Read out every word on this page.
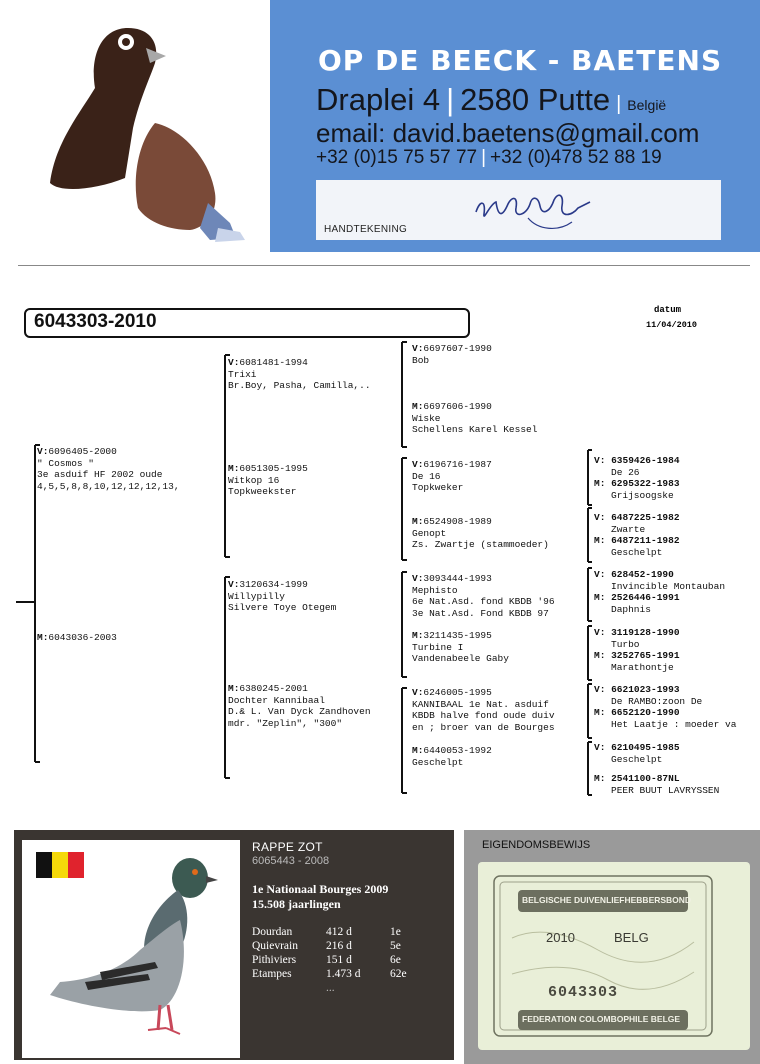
OP DE BEECK - BAETENS
Draplei 4 | 2580 Putte | België
email: david.baetens@gmail.com
+32 (0)15 75 57 77 | +32 (0)478 52 88 19
HANDTEKENING
6043303-2010
datum
11/04/2010
V:6096405-2000
" Cosmos "
3e asduif HF 2002 oude
4,5,5,8,8,10,12,12,12,13,
M:6043036-2003
V:6081481-1994
Trixi
Br.Boy, Pasha, Camilla,..
M:6051305-1995
Witkop 16
Topkweekster
V:3120634-1999
Willypilly
Silvere Toye Otegem
M:6380245-2001
Dochter Kannibaal
D.& L. Van Dyck Zandhoven
mdr. "Zeplin", "300"
V:6697607-1990
Bob
M:6697606-1990
Wiske
Schellens Karel Kessel
V:6196716-1987
De 16
Topkweker
M:6524908-1989
Genopt
Zs. Zwartje (stammoeder)
V:3093444-1993
Mephisto
6e Nat.Asd. fond KBDB '96
3e Nat.Asd. Fond KBDB 97
M:3211435-1995
Turbine I
Vandenabeele Gaby
V:6246005-1995
KANNIBAAL 1e Nat. asduif
KBDB halve fond oude duiv
en ; broer van de Bourges
M:6440053-1992
Geschelpt
V: 6359426-1984
De 26
M: 6295322-1983
Grijsoogske
V: 6487225-1982
Zwarte
M: 6487211-1982
Geschelpt
V: 628452-1990
Invincible Montauban
M: 2526446-1991
Daphnis
V: 3119128-1990
Turbo
M: 3252765-1991
Marathontje
V: 6621023-1993
De RAMBO:zoon De
M: 6652120-1990
Het Laatje : moeder va
V: 6210495-1985
Geschelpt
M: 2541100-87NL
PEER BUUT LAVRYSSEN
RAPPE ZOT
6065443 - 2008
1e Nationaal Bourges 2009
15.508 jaarlingen
Dourdan	412 d	1e
Quievrain 216 d	5e
Pithiviers	151 d	6e
Etampes	1.473 d	62e
...
EIGENDOMSBEWIJS
BELGISCHE DUIVENLIEFHEBBERSBOND
2010	BELG
6043303
FEDERATION COLOMBOPHILE BELGE
